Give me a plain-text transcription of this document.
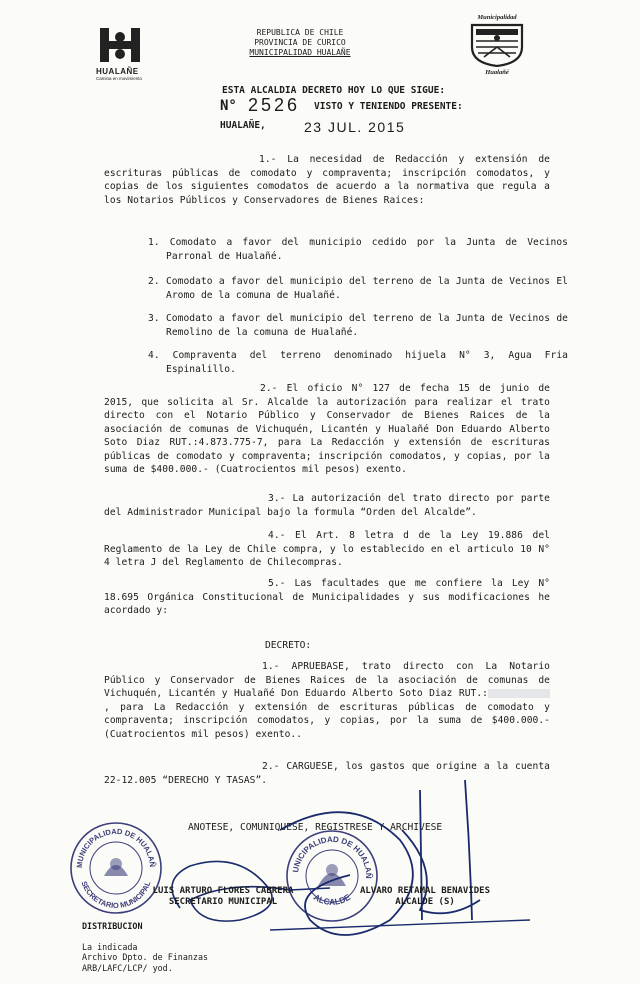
HUALAÑE
Camina en movimiento
REPUBLICA DE CHILE
PROVINCIA DE CURICO
MUNICIPALIDAD HUALAÑE
Municipalidad
Hualañé
ESTA ALCALDIA DECRETO HOY LO QUE SIGUE:
N° 2526 VISTO Y TENIENDO PRESENTE:
HUALAÑE,	23 JUL. 2015
1.- La necesidad de Redacción y extensión de escrituras públicas de comodato y compraventa; inscripción comodatos, y copias de los siguientes comodatos de acuerdo a la normativa que regula a los Notarios Públicos y Conservadores de Bienes Raices:
1. Comodato a favor del municipio cedido por la Junta de Vecinos Parronal de Hualañé.
2. Comodato a favor del municipio del terreno de la Junta de Vecinos El Aromo de la comuna de Hualañé.
3. Comodato a favor del municipio del terreno de la Junta de Vecinos de Remolino de la comuna de Hualañé.
4. Compraventa del terreno denominado hijuela N° 3, Agua Fria Espinalillo.
2.- El oficio N° 127 de fecha 15 de junio de 2015, que solicita al Sr. Alcalde la autorización para realizar el trato directo con el Notario Público y Conservador de Bienes Raices de la asociación de comunas de Vichuquén, Licantén y Hualañé Don Eduardo Alberto Soto Diaz RUT.:4.873.775-7, para La Redacción y extensión de escrituras públicas de comodato y compraventa; inscripción comodatos, y copias, por la suma de $400.000.- (Cuatrocientos mil pesos) exento.
3.- La autorización del trato directo por parte del Administrador Municipal bajo la formula “Orden del Alcalde”.
4.- El Art. 8 letra d de la Ley 19.886 del Reglamento de la Ley de Chile compra, y lo establecido en el articulo 10 N° 4 letra J del Reglamento de Chilecompras.
5.- Las facultades que me confiere la Ley N° 18.695 Orgánica Constitucional de Municipalidades y sus modificaciones he acordado y:
DECRETO:
1.- APRUEBASE, trato directo con La Notario Público y Conservador de Bienes Raices de la asociación de comunas de Vichuquén, Licantén y Hualañé Don Eduardo Alberto Soto Diaz RUT.:, para La Redacción y extensión de escrituras públicas de comodato y compraventa; inscripción comodatos, y copias, por la suma de $400.000.- (Cuatrocientos mil pesos) exento..
2.- CARGUESE, los gastos que origine a la cuenta 22-12.005 “DERECHO Y TASAS”.
ANOTESE, COMUNIQUESE, REGISTRESE Y ARCHIVESE
MUNICIPALIDAD DE HUALAÑ
SECRETARIO MUNICIPAL
UNICIPALIDAD DE HUALAÑ
ALCALDE
LUIS ARTURO FLORES CABRERA
SECRETARIO MUNICIPAL
ALVARO RETAMAL BENAVIDES
ALCALDE (S)

DISTRIBUCION

La indicada
Archivo Dpto. de Finanzas
ARB/LAFC/LCP/ yod.
